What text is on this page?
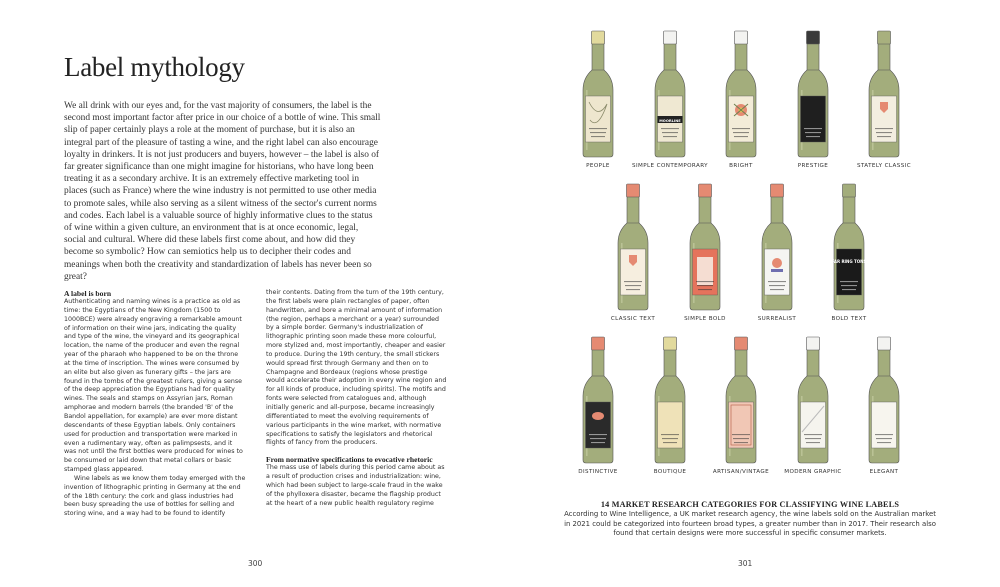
Label mythology

We all drink with our eyes and, for the vast majority of consumers, the label is the second most important factor after price in our choice of a bottle of wine. This small slip of paper certainly plays a role at the moment of purchase, but it is also an integral part of the pleasure of tasting a wine, and the right label can also encourage loyalty in drinkers. It is not just producers and buyers, however – the label is also of far greater significance than one might imagine for historians, who have long been treating it as a secondary archive. It is an extremely effective marketing tool in places (such as France) where the wine industry is not permitted to use other media to promote sales, while also serving as a silent witness of the sector's current norms and codes. Each label is a valuable source of highly informative clues to the status of wine within a given culture, an environment that is at once economic, legal, social and cultural. Where did these labels first come about, and how did they become so symbolic? How can semiotics help us to decipher their codes and meanings when both the creativity and standardization of labels has never been so great?

A label is born

Authenticating and naming wines is a practice as old as time: the Egyptians of the New Kingdom (1500 to 1000BCE) were already engraving a remarkable amount of information on their wine jars, indicating the quality and type of the wine, the vineyard and its geographical location, the name of the producer and even the regnal year of the pharaoh who happened to be on the throne at the time of inscription. The wines were consumed by an elite but also given as funerary gifts – the jars are found in the tombs of the greatest rulers, giving a sense of the deep appreciation the Egyptians had for quality wines. The seals and stamps on Assyrian jars, Roman amphorae and modern barrels (the branded 'B' of the Bandol appellation, for example) are ever more distant descendants of these Egyptian labels. Only containers used for production and transportation were marked in even a rudimentary way, often as palimpsests, and it was not until the first bottles were produced for wines to be consumed or laid down that metal collars or basic stamped glass appeared.

Wine labels as we know them today emerged with the invention of lithographic printing in Germany at the end of the 18th century: the cork and glass industries had been busy spreading the use of bottles for selling and storing wine, and a way had to be found to identify

their contents. Dating from the turn of the 19th century, the first labels were plain rectangles of paper, often handwritten, and bore a minimal amount of information (the region, perhaps a merchant or a year) surrounded by a simple border. Germany's industrialization of lithographic printing soon made these more colourful, more stylized and, most importantly, cheaper and easier to produce. During the 19th century, the small stickers would spread first through Germany and then on to Champagne and Bordeaux (regions whose prestige would accelerate their adoption in every wine region and for all kinds of produce, including spirits). The motifs and fonts were selected from catalogues and, although initially generic and all-purpose, became increasingly differentiated to meet the evolving requirements of various participants in the wine market, with normative specifications to satisfy the legislators and rhetorical flights of fancy from the producers.

From normative specifications to evocative rhetoric

The mass use of labels during this period came about as a result of production crises and industrialization: wine, which had been subject to large-scale fraud in the wake of the phylloxera disaster, became the flagship product at the heart of a new public health regulatory regime

300
PEOPLE
MOORLINE
SIMPLE CONTEMPORARY	BRIGHT	PRESTIGE	STATELY CLASSIC
CLASSIC TEXT	SIMPLE BOLD	SURREALIST
FAR RING TONS
BOLD TEXT
DISTINCTIVE	BOUTIQUE	ARTISAN/VINTAGE	MODERN GRAPHIC	ELEGANT

14 MARKET RESEARCH CATEGORIES FOR CLASSIFYING WINE LABELS

According to Wine Intelligence, a UK market research agency, the wine labels sold on the Australian market in 2021 could be categorized into fourteen broad types, a greater number than in 2017. Their research also found that certain designs were more successful in specific consumer markets.

301
